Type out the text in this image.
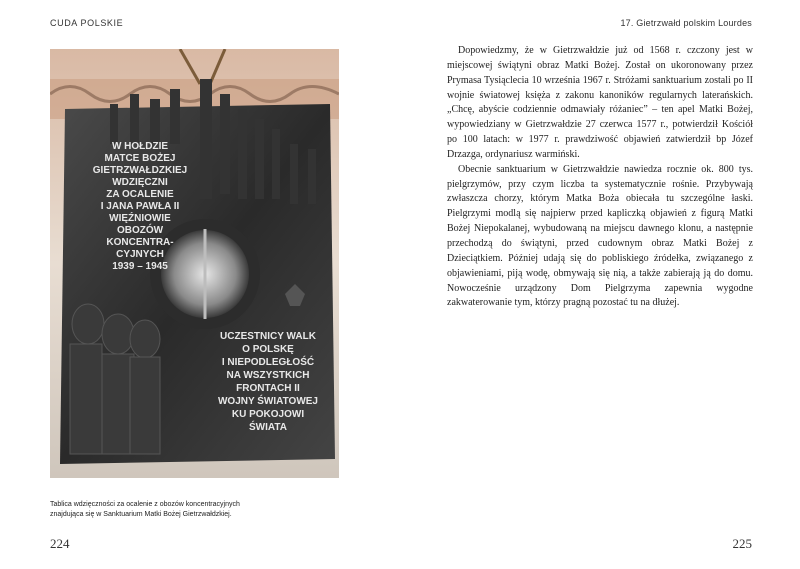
CUDA POLSKIE	17. Gietrzwałd polskim Lourdes
W HOŁDZIE
MATCE BOŻEJ
GIETRZWAŁDZKIEJ
WDZIĘCZNI
ZA OCALENIE
I JANA PAWŁA II
WIĘŹNIOWIE
OBOZÓW
KONCENTRA-
CYJNYCH
1939 – 1945
UCZESTNICY WALK
O POLSKĘ
I NIEPODLEGŁOŚĆ
NA WSZYSTKICH
FRONTACH II
WOJNY ŚWIATOWEJ
KU POKOJOWI
ŚWIATA
Tablica wdzięczności za ocalenie z obozów koncentracyjnych
znajdująca się w Sanktuarium Matki Bożej Gietrzwałdzkiej.

Dopowiedzmy, że w Gietrzwałdzie już od 1568 r. czczony jest w miejscowej świątyni obraz Matki Bożej. Został on ukoronowany przez Prymasa Tysiąclecia 10 września 1967 r. Stróżami sanktuarium zostali po II wojnie światowej księża z zakonu kanoników regularnych laterańskich. „Chcę, abyście codziennie odmawiały różaniec” – ten apel Matki Bożej, wypowiedziany w Gietrzwałdzie 27 czerwca 1577 r., potwierdził Kościół po 100 latach: w 1977 r. prawdziwość objawień zatwierdził bp Józef Drzazga, ordynariusz warmiński.

Obecnie sanktuarium w Gietrzwałdzie nawiedza rocznie ok. 800 tys. pielgrzymów, przy czym liczba ta systematycznie rośnie. Przybywają zwłaszcza chorzy, którym Matka Boża obiecała tu szczególne łaski. Pielgrzymi modlą się najpierw przed kapliczką objawień z figurą Matki Bożej Niepokalanej, wybudowaną na miejscu dawnego klonu, a następnie przechodzą do świątyni, przed cudownym obraz Matki Bożej z Dzieciątkiem. Później udają się do pobliskiego źródełka, związanego z objawieniami, piją wodę, obmywają się nią, a także zabierają ją do domu. Nowocześnie urządzony Dom Pielgrzyma zapewnia wygodne zakwaterowanie tym, którzy pragną pozostać tu na dłużej.

224	225
